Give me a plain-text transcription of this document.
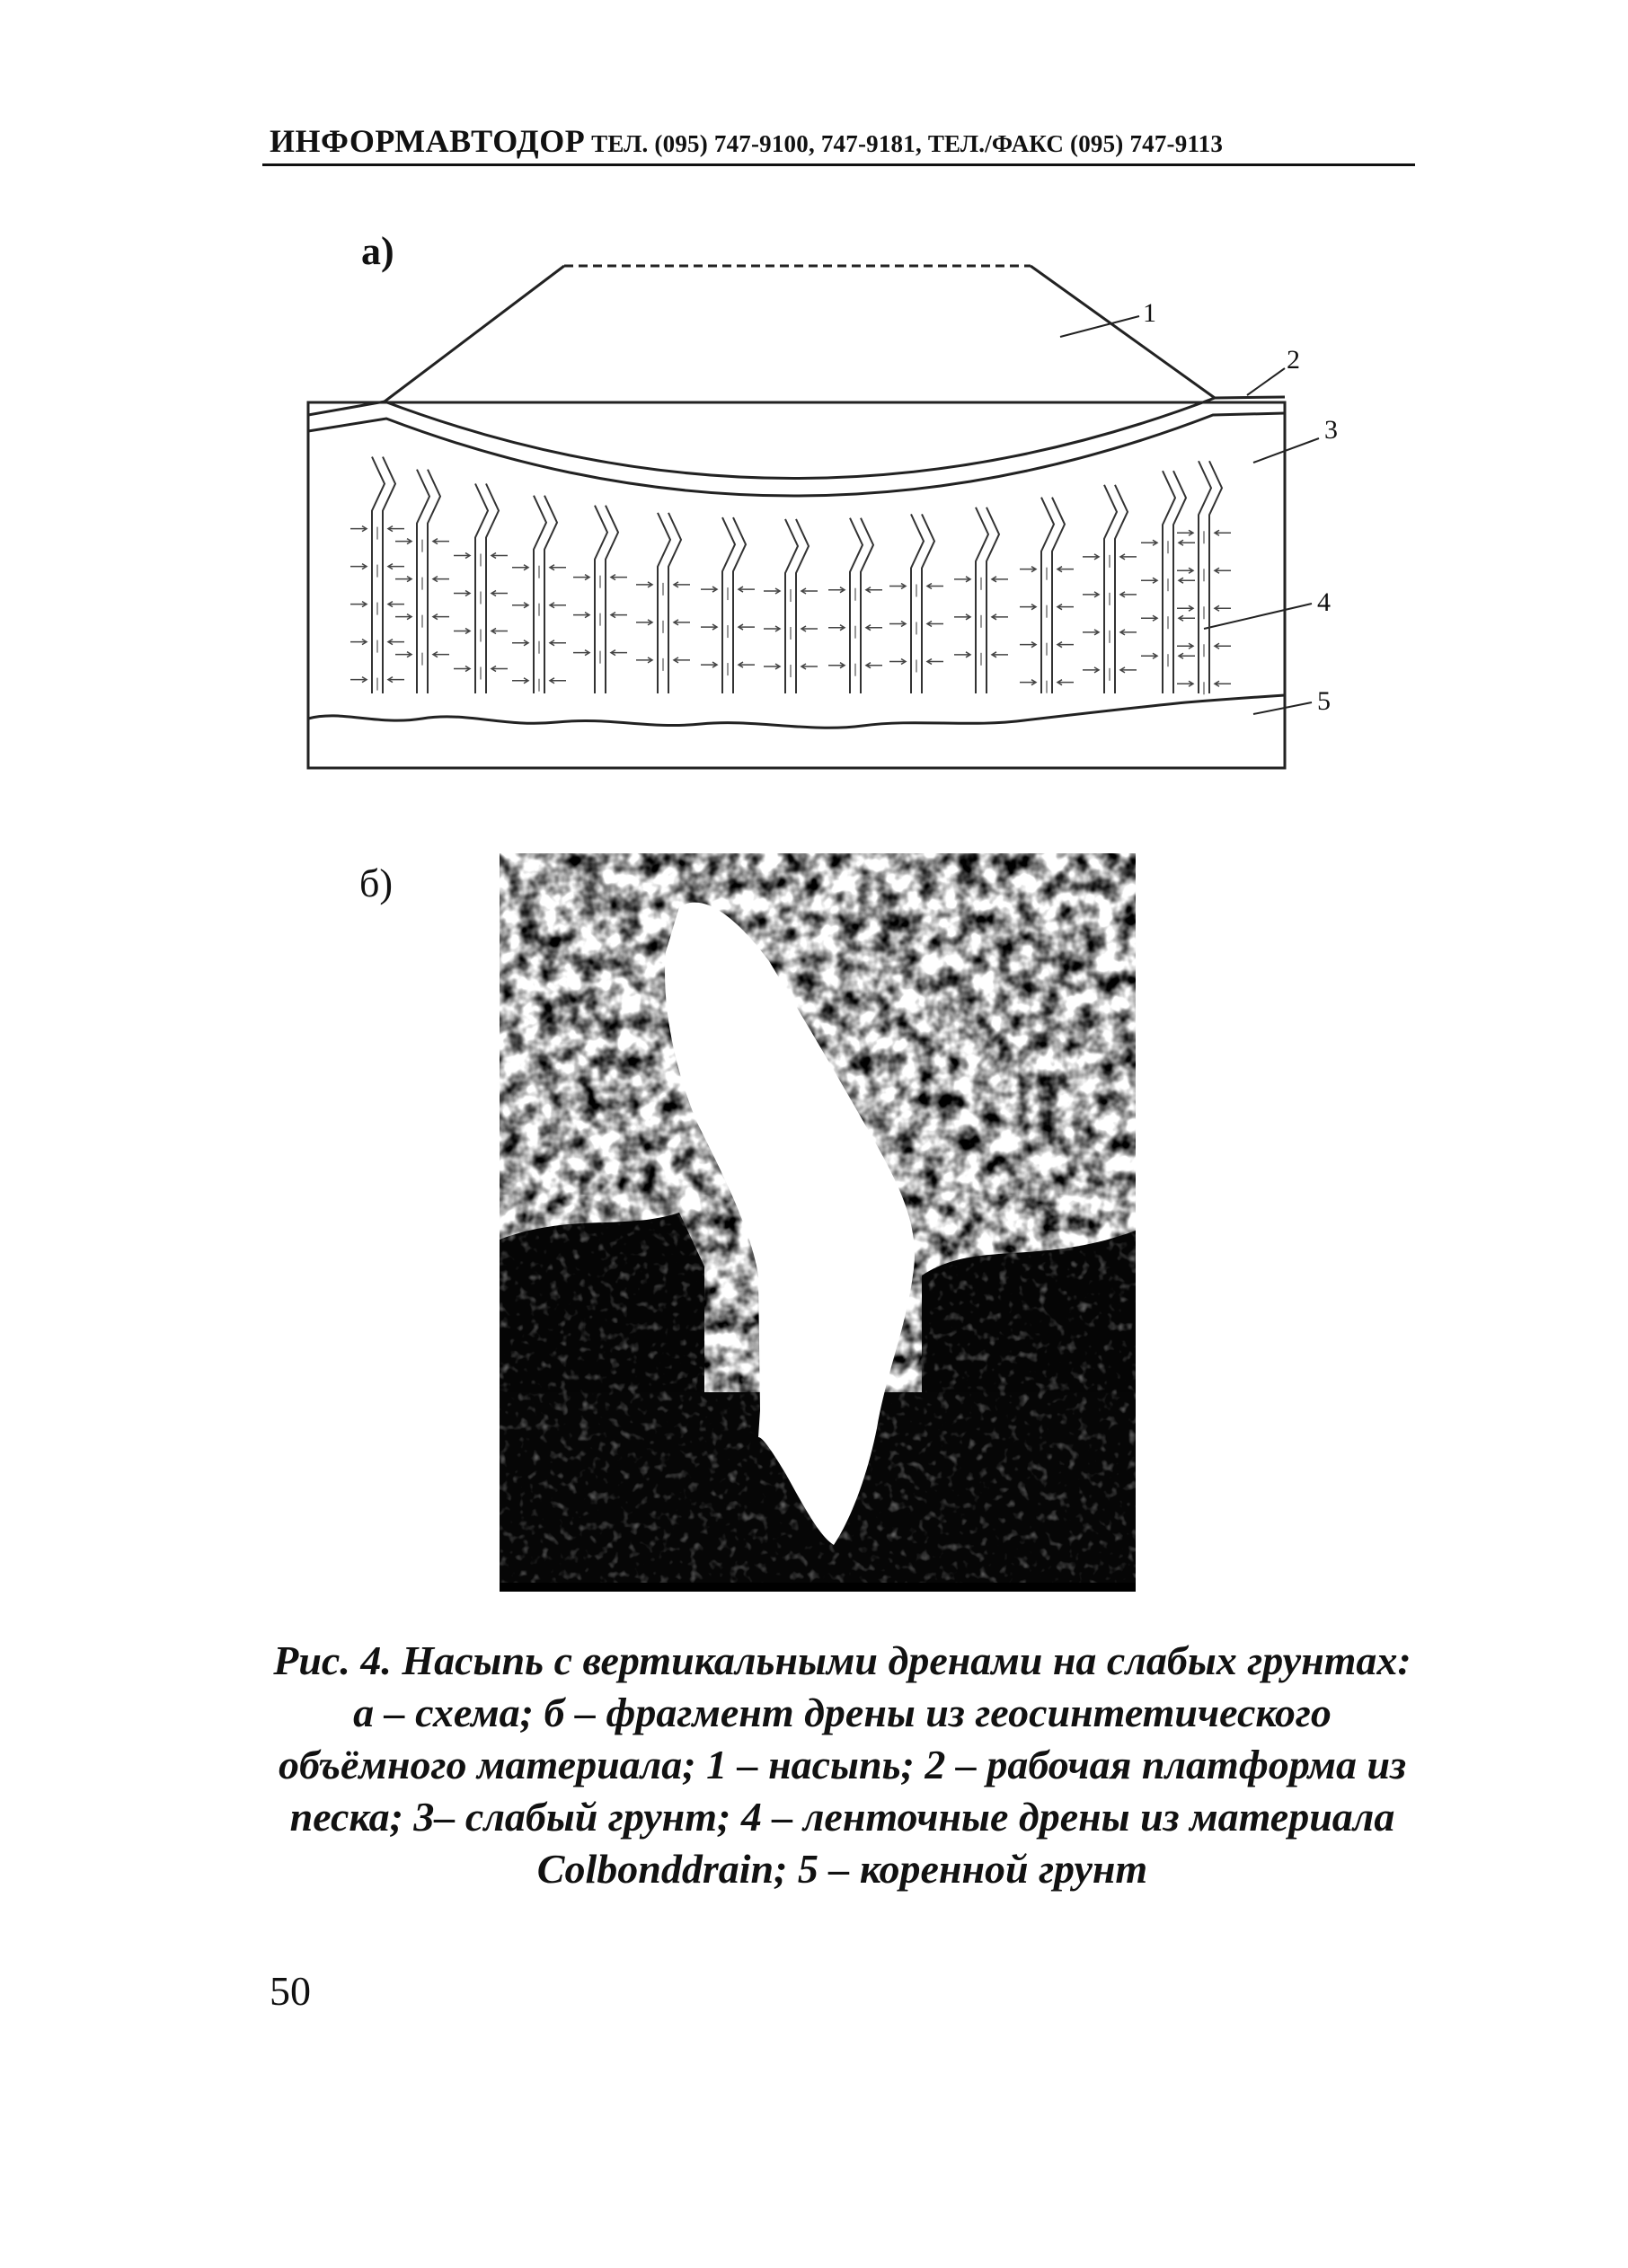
ИНФОРМАВТОДОР ТЕЛ. (095) 747-9100, 747-9181, ТЕЛ./ФАКС (095) 747-9113
а)
б)
1
2
3
4
5
Рис. 4. Насыпь с вертикальными дренами на слабых грунтах:
а – схема; б – фрагмент дрены из геосинтетического
объёмного материала; 1 – насыпь; 2 – рабочая платформа из
песка; 3– слабый грунт; 4 – ленточные дрены из материала
Colbonddrain; 5 – коренной грунт
50
